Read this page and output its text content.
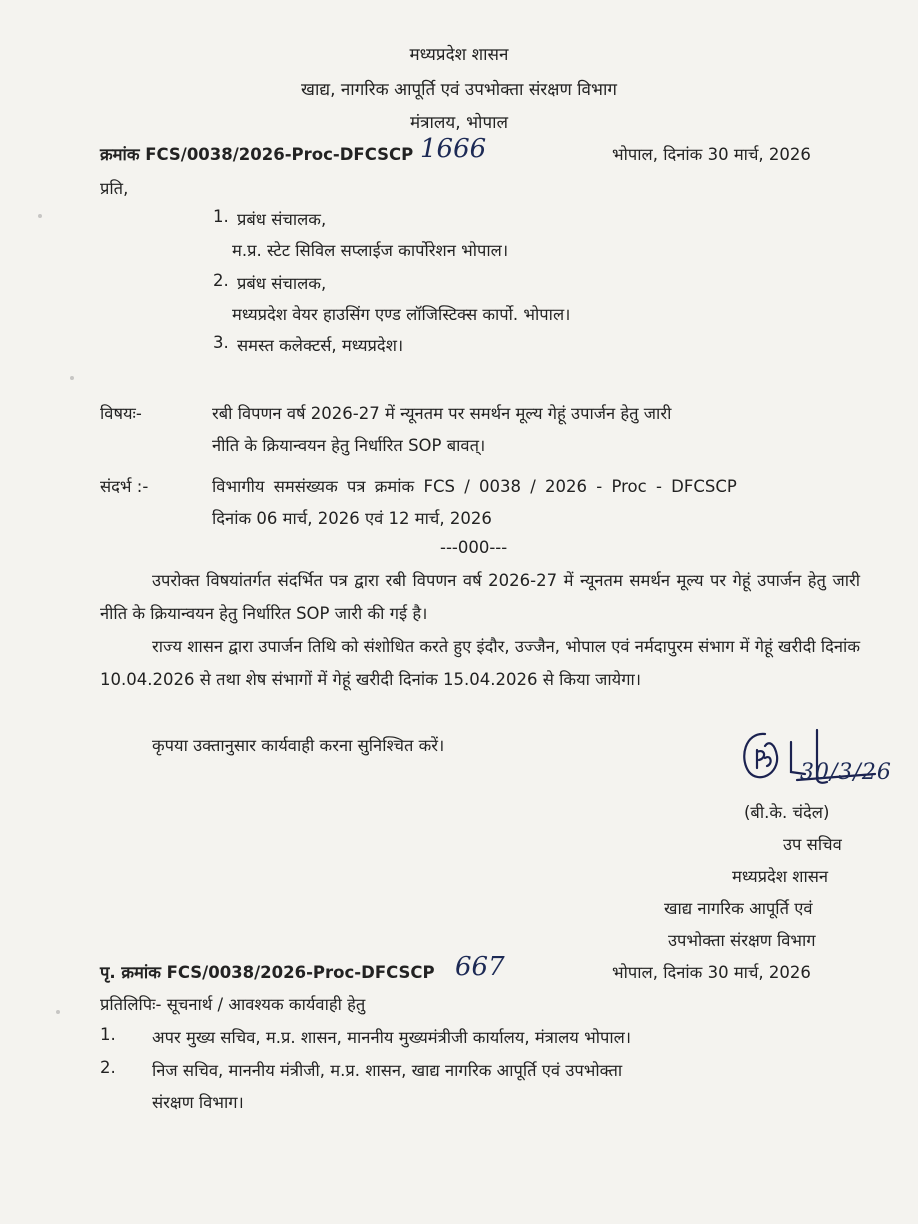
मध्यप्रदेश शासन
खाद्य, नागरिक आपूर्ति एवं उपभोक्ता संरक्षण विभाग
मंत्रालय, भोपाल
क्रमांक FCS/0038/2026-Proc-DFCSCP 1666	भोपाल, दिनांक 30 मार्च, 2026
प्रति,
1. प्रबंध संचालक,
म.प्र. स्टेट सिविल सप्लाईज कार्पोरेशन भोपाल।
2. प्रबंध संचालक,
मध्यप्रदेश वेयर हाउसिंग एण्ड लॉजिस्टिक्स कार्पो. भोपाल।
3. समस्त कलेक्टर्स, मध्यप्रदेश।
विषयः-	रबी विपणन वर्ष 2026-27 में न्यूनतम पर समर्थन मूल्य गेहूं उपार्जन हेतु जारी
नीति के क्रियान्वयन हेतु निर्धारित SOP बावत्।
संदर्भ :-	विभागीय समसंख्यक पत्र क्रमांक FCS / 0038 / 2026 - Proc - DFCSCP
दिनांक 06 मार्च, 2026 एवं 12 मार्च, 2026
---000---
उपरोक्त विषयांतर्गत संदर्भित पत्र द्वारा रबी विपणन वर्ष 2026-27 में न्यूनतम समर्थन मूल्य पर गेहूं उपार्जन हेतु जारी नीति के क्रियान्वयन हेतु निर्धारित SOP जारी की गई है।
राज्य शासन द्वारा उपार्जन तिथि को संशोधित करते हुए इंदौर, उज्जैन, भोपाल एवं नर्मदापुरम संभाग में गेहूं खरीदी दिनांक 10.04.2026 से तथा शेष संभागों में गेहूं खरीदी दिनांक 15.04.2026 से किया जायेगा।
कृपया उक्तानुसार कार्यवाही करना सुनिश्चित करें।
30/3/26
(बी.के. चंदेल)
उप सचिव
मध्यप्रदेश शासन
खाद्य नागरिक आपूर्ति एवं
उपभोक्ता संरक्षण विभाग
पृ. क्रमांक FCS/0038/2026-Proc-DFCSCP 667	भोपाल, दिनांक 30 मार्च, 2026
प्रतिलिपिः- सूचनार्थ / आवश्यक कार्यवाही हेतु
1. अपर मुख्य सचिव, म.प्र. शासन, माननीय मुख्यमंत्रीजी कार्यालय, मंत्रालय भोपाल।
2. निज सचिव, माननीय मंत्रीजी, म.प्र. शासन, खाद्य नागरिक आपूर्ति एवं उपभोक्ता
संरक्षण विभाग।
